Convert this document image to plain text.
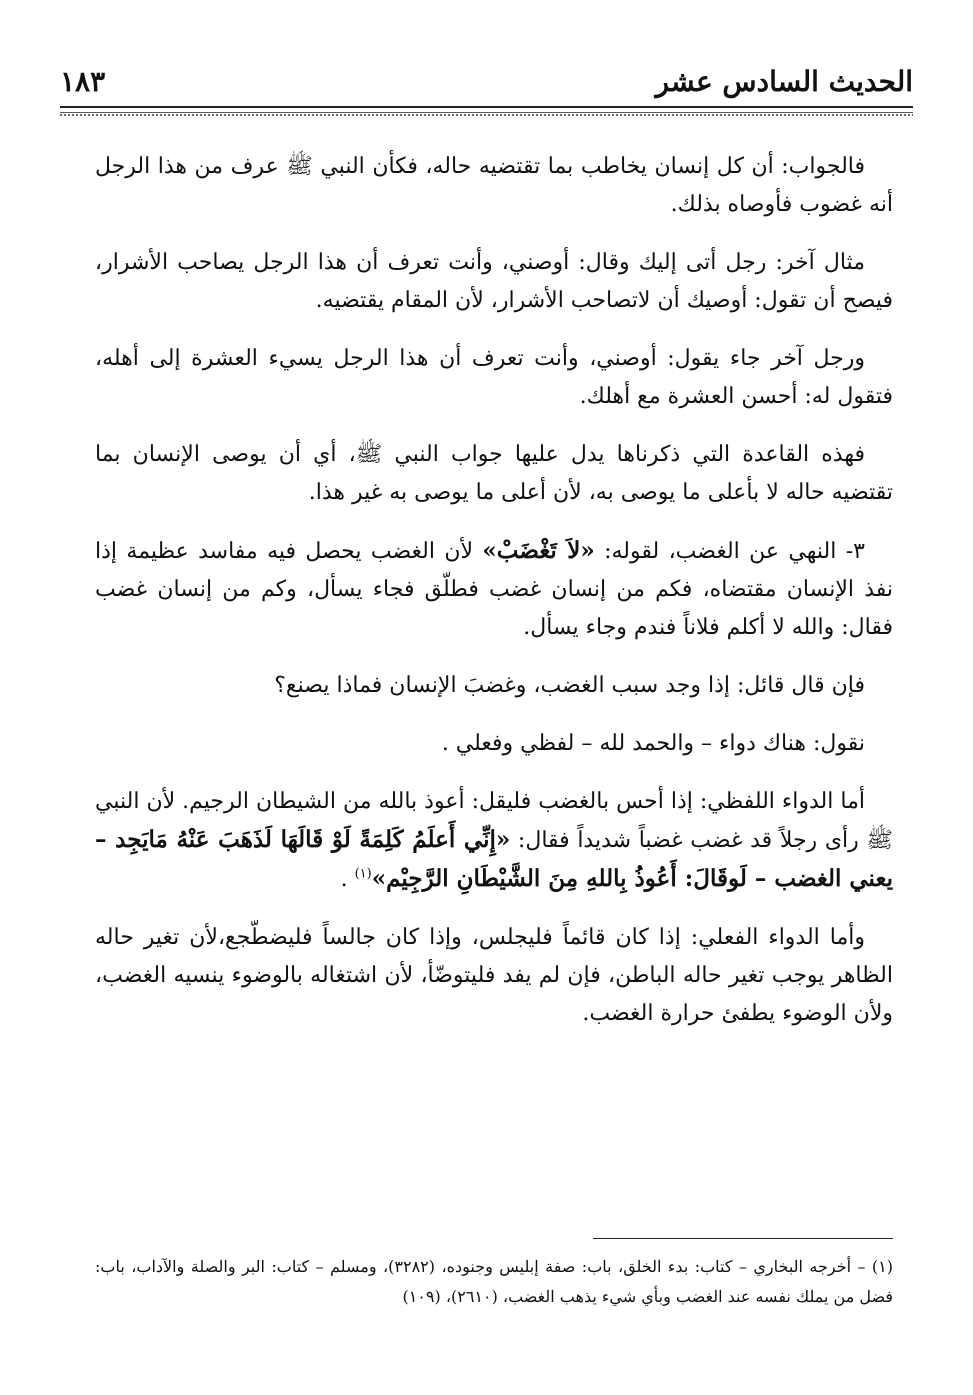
الحديث السادس عشر
١٨٣

فالجواب: أن كل إنسان يخاطب بما تقتضيه حاله، فكأن النبي ﷺ عرف من هذا الرجل أنه غضوب فأوصاه بذلك.

مثال آخر: رجل أتى إليك وقال: أوصني، وأنت تعرف أن هذا الرجل يصاحب الأشرار، فيصح أن تقول: أوصيك أن لاتصاحب الأشرار، لأن المقام يقتضيه.

ورجل آخر جاء يقول: أوصني، وأنت تعرف أن هذا الرجل يسيء العشرة إلى أهله، فتقول له: أحسن العشرة مع أهلك.

فهذه القاعدة التي ذكرناها يدل عليها جواب النبي ﷺ، أي أن يوصى الإنسان بما تقتضيه حاله لا بأعلى ما يوصى به، لأن أعلى ما يوصى به غير هذا.

٣- النهي عن الغضب، لقوله: «لاَ تَغْضَبْ» لأن الغضب يحصل فيه مفاسد عظيمة إذا نفذ الإنسان مقتضاه، فكم من إنسان غضب فطلّق فجاء يسأل، وكم من إنسان غضب فقال: والله لا أكلم فلاناً فندم وجاء يسأل.

فإن قال قائل: إذا وجد سبب الغضب، وغضبَ الإنسان فماذا يصنع؟

نقول: هناك دواء – والحمد لله – لفظي وفعلي .

أما الدواء اللفظي: إذا أحس بالغضب فليقل: أعوذ بالله من الشيطان الرجيم. لأن النبي ﷺ رأى رجلاً قد غضب غضباً شديداً فقال: «إِنِّي أَعلَمُ كَلِمَةً لَوْ قَالَهَا لَذَهَبَ عَنْهُ مَايَجِد – يعني الغضب – لَوقَالَ: أَعُوذُ بِاللهِ مِنَ الشَّيْطَانِ الرَّجِيْم»$^{(١)}$ .

وأما الدواء الفعلي: إذا كان قائماً فليجلس، وإذا كان جالساً فليضطّجع،لأن تغير حاله الظاهر يوجب تغير حاله الباطن، فإن لم يفد فليتوضّأ، لأن اشتغاله بالوضوء ينسيه الغضب، ولأن الوضوء يطفئ حرارة الغضب.

(١) – أخرجه البخاري – كتاب: بدء الخلق، باب: صفة إبليس وجنوده، (٣٢٨٢)، ومسلم – كتاب: البر والصلة والآداب، باب: فضل من يملك نفسه عند الغضب وبأي شيء يذهب الغضب، (٢٦١٠)، (١٠٩)
